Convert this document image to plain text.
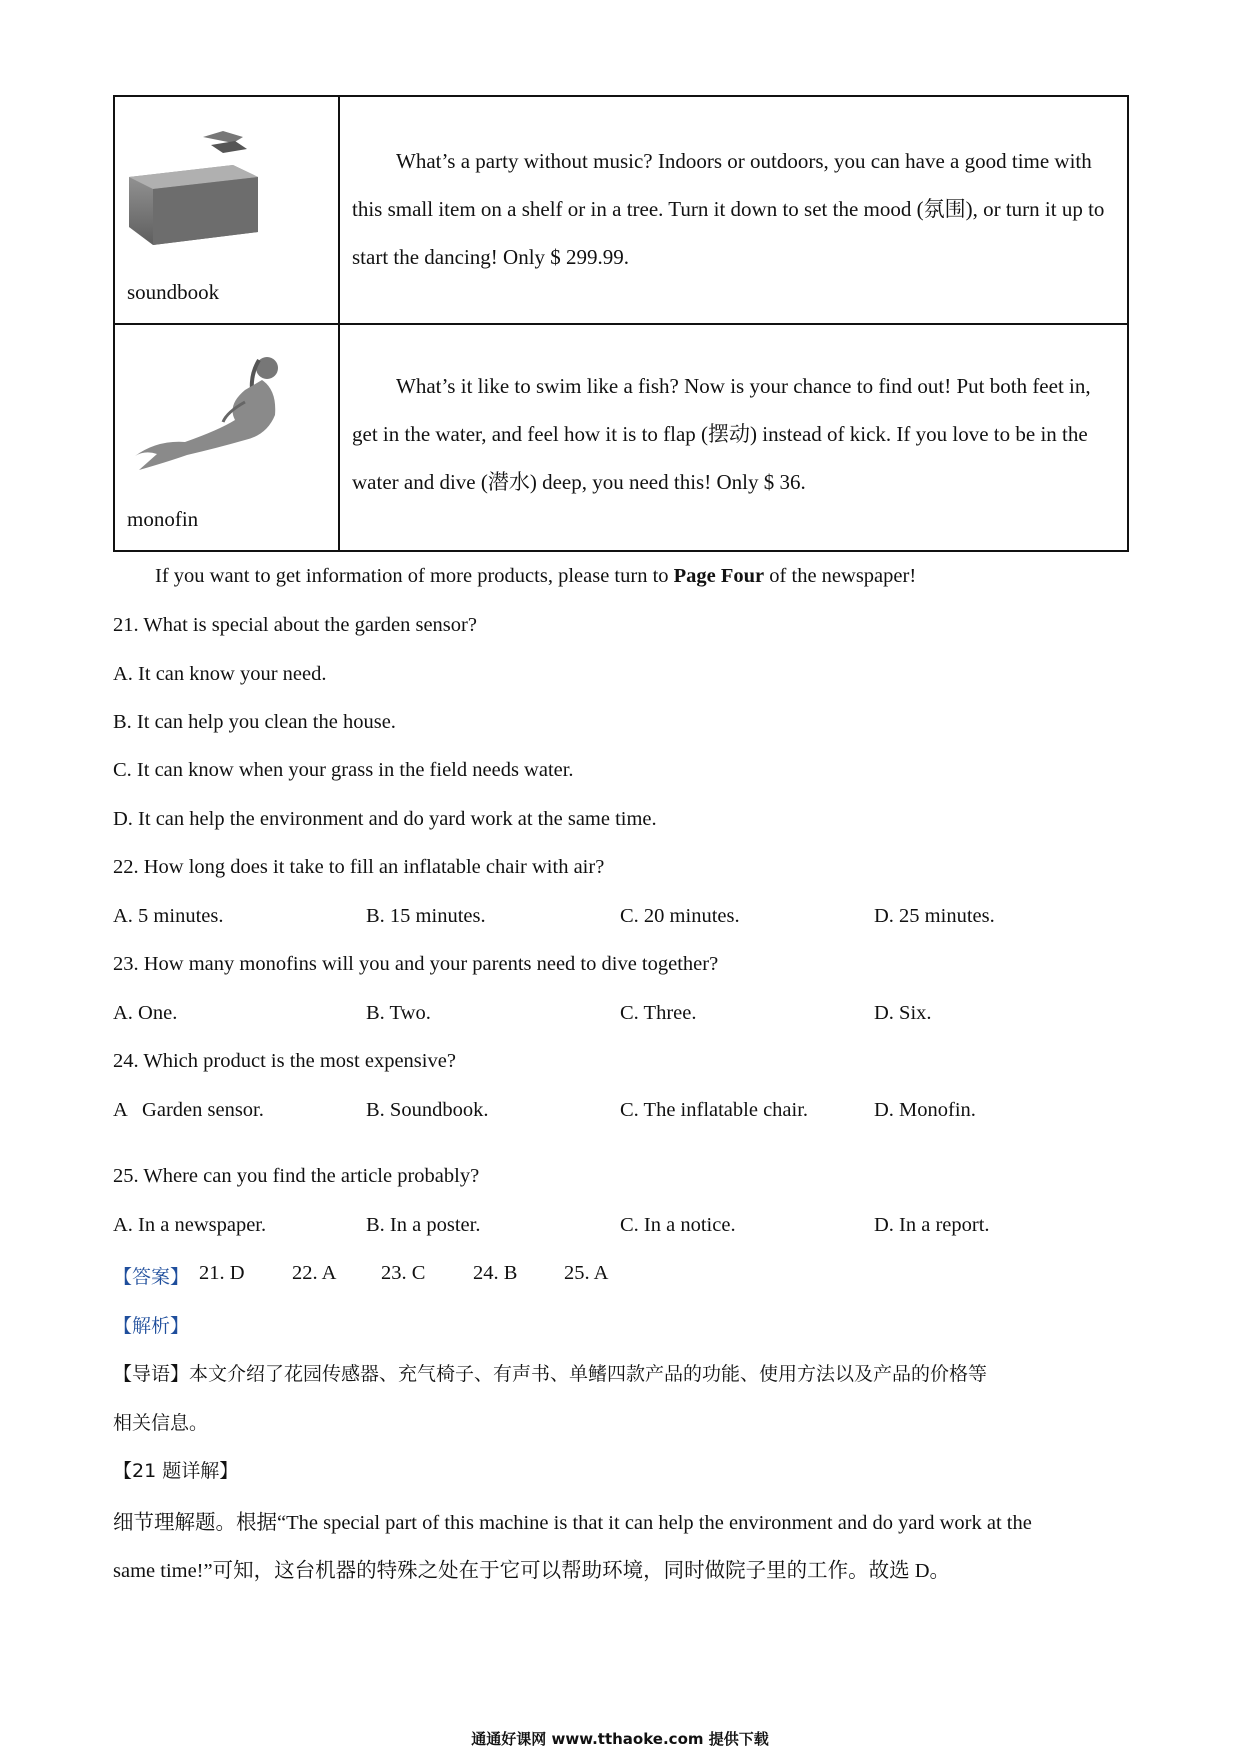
soundbook
What’s a party without music? Indoors or outdoors, you can have a good time with this small item on a shelf or in a tree. Turn it down to set the mood (氛围), or turn it up to start the dancing! Only $ 299.99.
monofin
What’s it like to swim like a fish? Now is your chance to find out! Put both feet in, get in the water, and feel how it is to flap (摆动) instead of kick. If you love to be in the water and dive (潜水) deep, you need this! Only $ 36.
If you want to get information of more products, please turn to Page Four of the newspaper!
21. What is special about the garden sensor?
A. It can know your need.
B. It can help you clean the house.
C. It can know when your grass in the field needs water.
D. It can help the environment and do yard work at the same time.
22. How long does it take to fill an inflatable chair with air?
A. 5 minutes.	B. 15 minutes.	C. 20 minutes.	D. 25 minutes.
23. How many monofins will you and your parents need to dive together?
A. One.	B. Two.	C. Three.	D. Six.
24. Which product is the most expensive?
A   Garden sensor.	B. Soundbook.	C. The inflatable chair.	D. Monofin.
25. Where can you find the article probably?
A. In a newspaper.	B. In a poster.	C. In a notice.	D. In a report.
【答案】 21. D 22. A 23. C 24. B 25. A
【解析】
【导语】本文介绍了花园传感器、充气椅子、有声书、单鳍四款产品的功能、使用方法以及产品的价格等
相关信息。
【21 题详解】
细节理解题。根据“The special part of this machine is that it can help the environment and do yard work at the
same time!”可知，这台机器的特殊之处在于它可以帮助环境，同时做院子里的工作。故选 D。
通通好课网 www.tthaoke.com 提供下载
